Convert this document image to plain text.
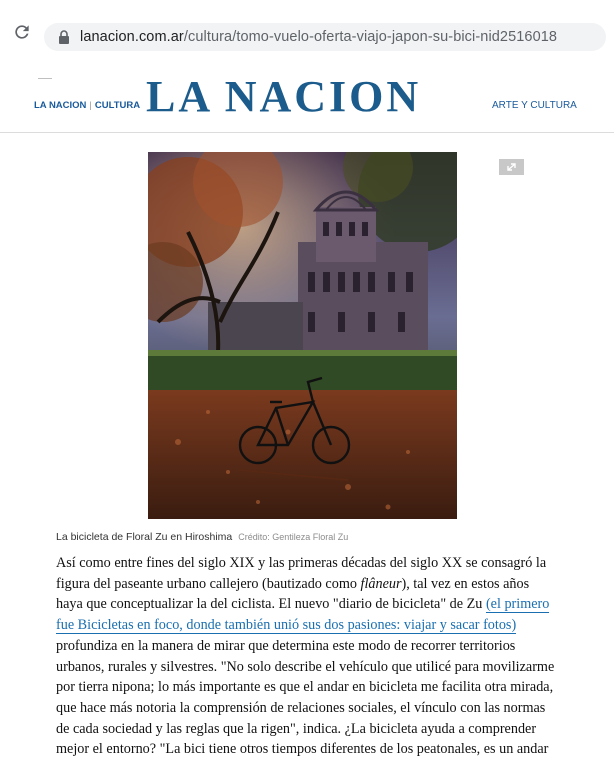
lanacion.com.ar/cultura/tomo-vuelo-oferta-viajo-japon-su-bici-nid2516018
LA NACION | CULTURA LA NACION	ARTE Y CULTURA
La bicicleta de Floral Zu en Hiroshima Crédito: Gentileza Floral Zu

Así como entre fines del siglo XIX y las primeras décadas del siglo XX se consagró la

figura del paseante urbano callejero (bautizado como flâneur), tal vez en estos años

haya que conceptualizar la del ciclista. El nuevo "diario de bicicleta" de Zu (el primero

fue Bicicletas en foco, donde también unió sus dos pasiones: viajar y sacar fotos)

profundiza en la manera de mirar que determina este modo de recorrer territorios

urbanos, rurales y silvestres. "No solo describe el vehículo que utilicé para movilizarme

por tierra nipona; lo más importante es que el andar en bicicleta me facilita otra mirada,

que hace más notoria la comprensión de relaciones sociales, el vínculo con las normas

de cada sociedad y las reglas que la rigen", indica. ¿La bicicleta ayuda a comprender

mejor el entorno? "La bici tiene otros tiempos diferentes de los peatonales, es un andar
